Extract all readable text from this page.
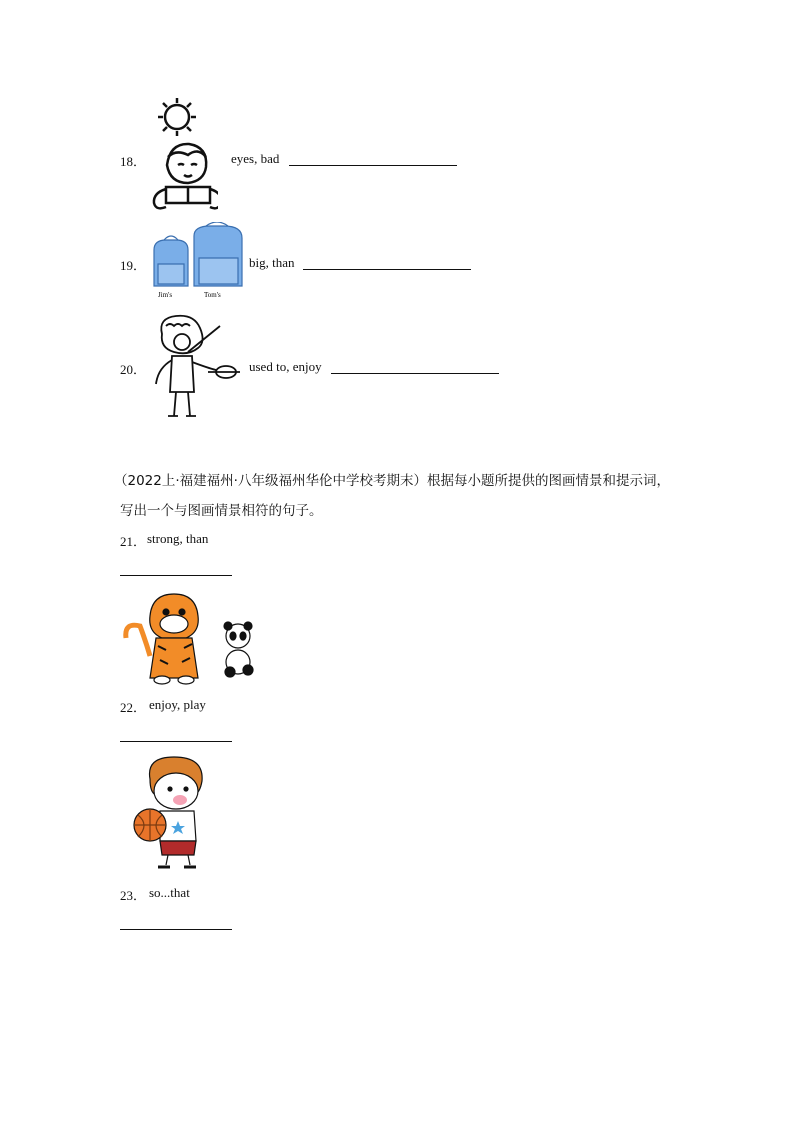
18．	eyes, bad
Jim's	Tom's
19．	big, than
20．	used to, enjoy
（2022上·福建福州·八年级福州华伦中学校考期末）根据每小题所提供的图画情景和提示词，
写出一个与图画情景相符的句子。
21． strong, than
22． enjoy, play
23． so...that
